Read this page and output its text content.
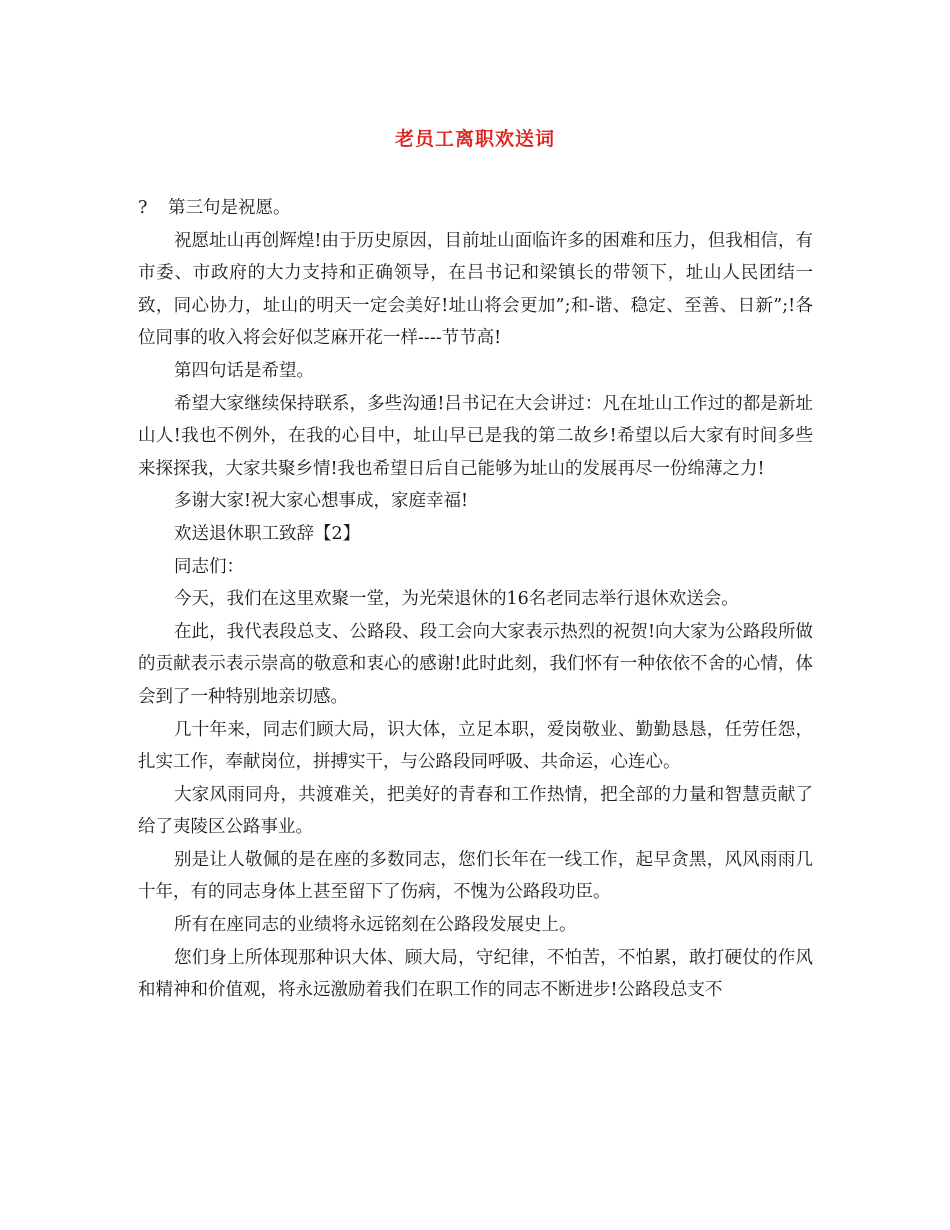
老员工离职欢送词

? 第三句是祝愿。

祝愿址山再创辉煌!由于历史原因，目前址山面临许多的困难和压力，但我相信，有市委、市政府的大力支持和正确领导，在吕书记和梁镇长的带领下，址山人民团结一致，同心协力，址山的明天一定会美好!址山将会更加”;和-谐、稳定、至善、日新”;!各位同事的收入将会好似芝麻开花一样----节节高!

第四句话是希望。

希望大家继续保持联系，多些沟通!吕书记在大会讲过：凡在址山工作过的都是新址山人!我也不例外，在我的心目中，址山早已是我的第二故乡!希望以后大家有时间多些来探探我，大家共聚乡情!我也希望日后自己能够为址山的发展再尽一份绵薄之力!

多谢大家!祝大家心想事成，家庭幸福!

欢送退休职工致辞【2】

同志们：

今天，我们在这里欢聚一堂，为光荣退休的16名老同志举行退休欢送会。

在此，我代表段总支、公路段、段工会向大家表示热烈的祝贺!向大家为公路段所做的贡献表示表示崇高的敬意和衷心的感谢!此时此刻，我们怀有一种依依不舍的心情，体会到了一种特别地亲切感。

几十年来，同志们顾大局，识大体，立足本职，爱岗敬业、勤勤恳恳，任劳任怨，扎实工作，奉献岗位，拼搏实干，与公路段同呼吸、共命运，心连心。

大家风雨同舟，共渡难关，把美好的青春和工作热情，把全部的力量和智慧贡献了给了夷陵区公路事业。

别是让人敬佩的是在座的多数同志，您们长年在一线工作，起早贪黑，风风雨雨几十年，有的同志身体上甚至留下了伤病，不愧为公路段功臣。

所有在座同志的业绩将永远铭刻在公路段发展史上。

您们身上所体现那种识大体、顾大局，守纪律，不怕苦，不怕累，敢打硬仗的作风和精神和价值观，将永远激励着我们在职工作的同志不断进步!公路段总支不
